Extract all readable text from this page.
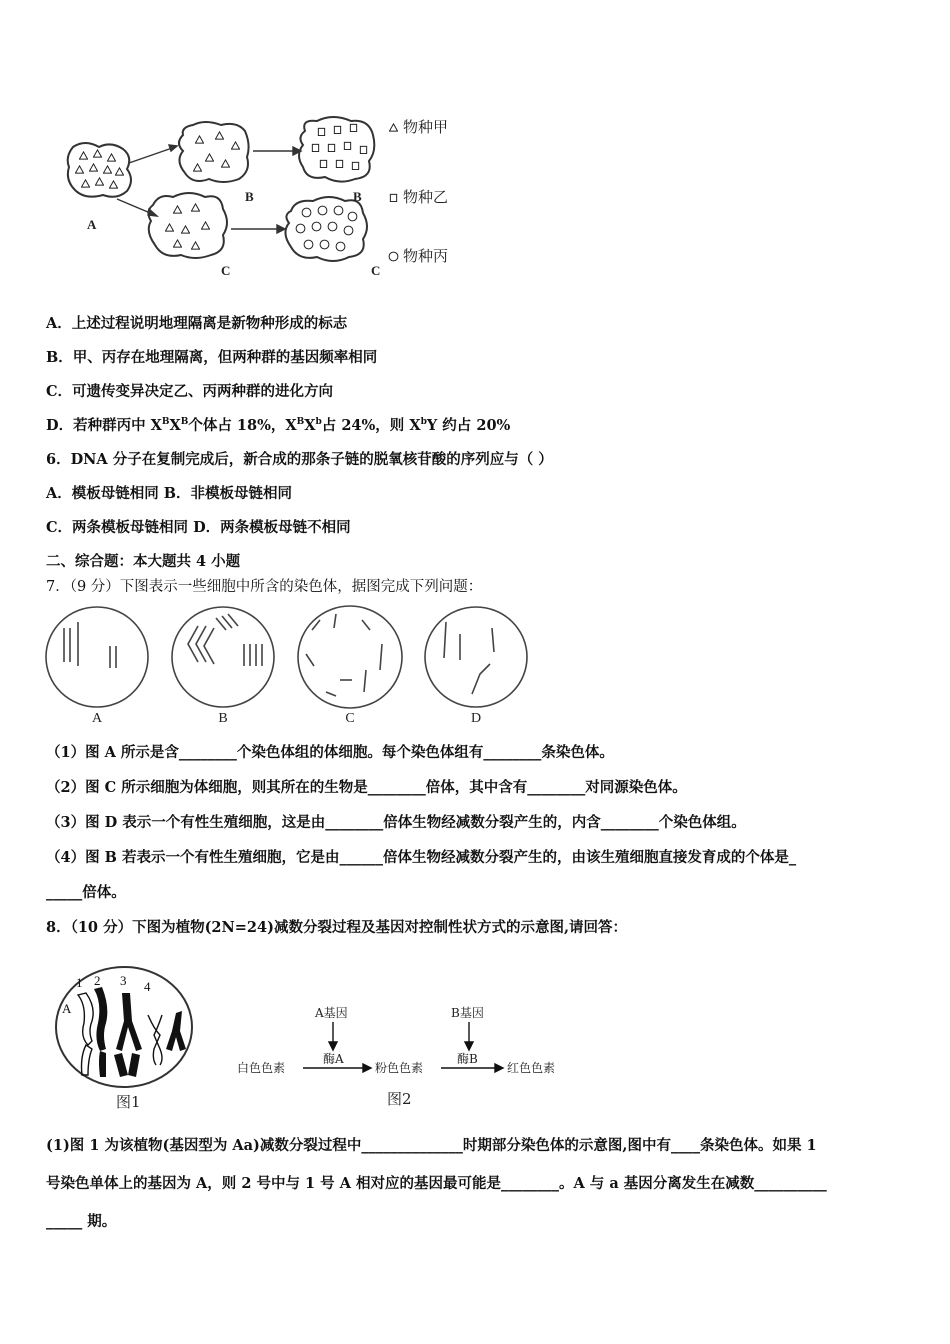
A
B	B
C	C
物种甲
物种乙
物种丙
A．上述过程说明地理隔离是新物种形成的标志
B．甲、丙存在地理隔离，但两种群的基因频率相同
C．可遗传变异决定乙、丙两种群的进化方向
D．若种群丙中 $X^BX^B$个体占 18%，$X^BX^b$占 24%，则 $X^bY$ 约占 20%
6．DNA 分子在复制完成后，新合成的那条子链的脱氧核苷酸的序列应与（ ）
A．模板母链相同 B．非模板母链相同
C．两条模板母链相同 D．两条模板母链不相同
二、综合题：本大题共 4 小题
7．（9 分）下图表示一些细胞中所含的染色体，据图完成下列问题：
A	B	C	D
（1）图 A 所示是含________个染色体组的体细胞。每个染色体组有________条染色体。
（2）图 C 所示细胞为体细胞，则其所在的生物是________倍体，其中含有________对同源染色体。
（3）图 D 表示一个有性生殖细胞，这是由________倍体生物经减数分裂产生的，内含________个染色体组。
（4）图 B 若表示一个有性生殖细胞，它是由______倍体生物经减数分裂产生的，由该生殖细胞直接发育成的个体是_
_____倍体。
8．（10 分）下图为植物(2N=24)减数分裂过程及基因对控制性状方式的示意图,请回答：
1 2 3 4
A
图1
A基因	B基因
酶A	酶B
白色色素	粉色色素	红色色素
图2
(1)图 1 为该植物(基因型为 Aa)减数分裂过程中______________时期部分染色体的示意图,图中有____条染色体。如果 1
号染色单体上的基因为 A，则 2 号中与 1 号 A 相对应的基因最可能是________。A 与 a 基因分离发生在减数__________
_____ 期。
